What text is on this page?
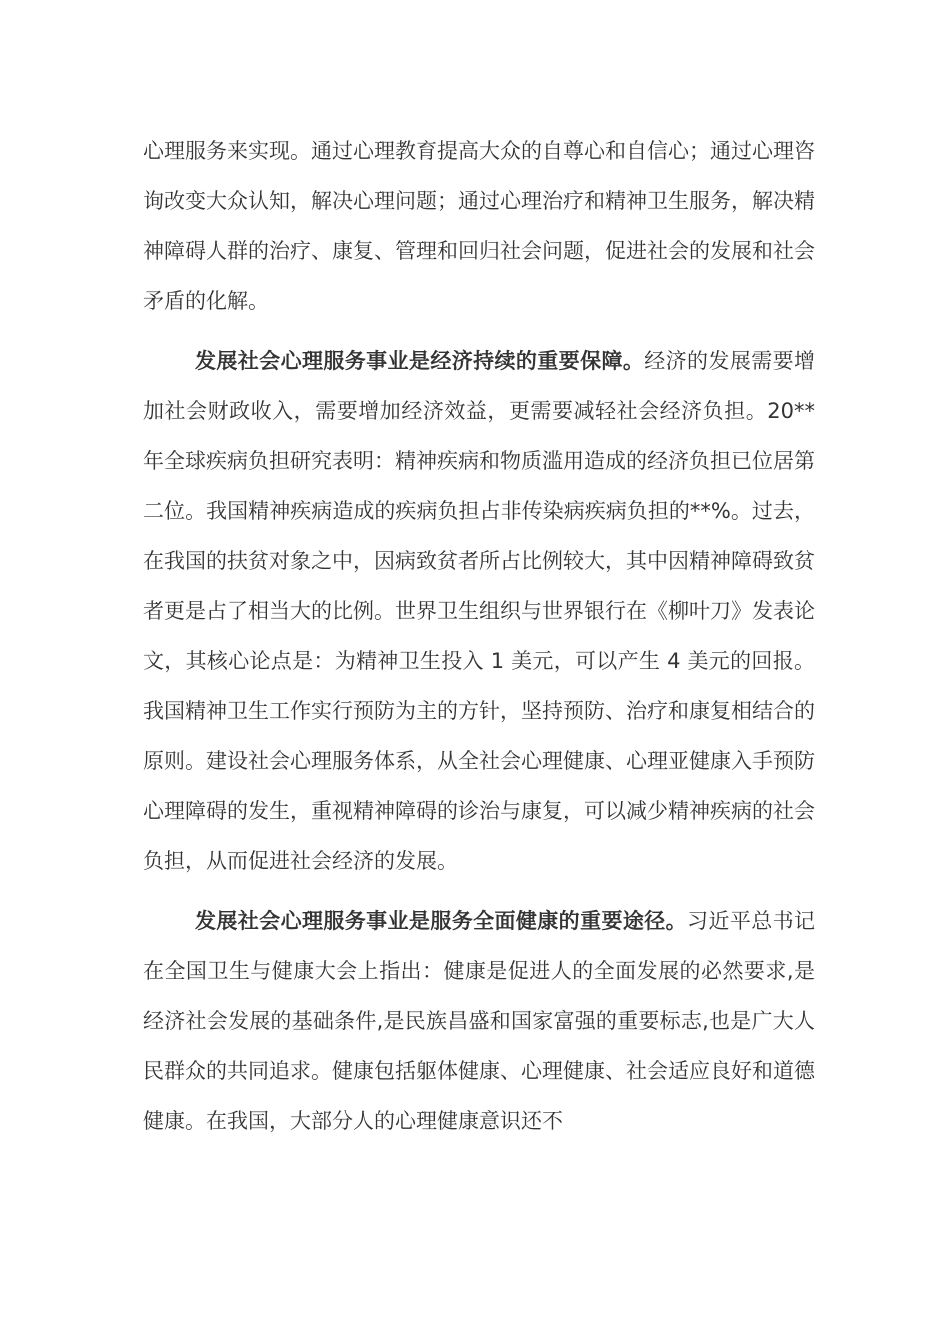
心理服务来实现。通过心理教育提高大众的自尊心和自信心；通过心理咨询改变大众认知，解决心理问题；通过心理治疗和精神卫生服务，解决精神障碍人群的治疗、康复、管理和回归社会问题，促进社会的发展和社会矛盾的化解。

发展社会心理服务事业是经济持续的重要保障。经济的发展需要增加社会财政收入，需要增加经济效益，更需要减轻社会经济负担。20**年全球疾病负担研究表明：精神疾病和物质滥用造成的经济负担已位居第二位。我国精神疾病造成的疾病负担占非传染病疾病负担的**%。过去，在我国的扶贫对象之中，因病致贫者所占比例较大，其中因精神障碍致贫者更是占了相当大的比例。世界卫生组织与世界银行在《柳叶刀》发表论文，其核心论点是：为精神卫生投入 1 美元，可以产生 4 美元的回报。我国精神卫生工作实行预防为主的方针，坚持预防、治疗和康复相结合的原则。建设社会心理服务体系，从全社会心理健康、心理亚健康入手预防心理障碍的发生，重视精神障碍的诊治与康复，可以减少精神疾病的社会负担，从而促进社会经济的发展。

发展社会心理服务事业是服务全面健康的重要途径。习近平总书记在全国卫生与健康大会上指出：健康是促进人的全面发展的必然要求,是经济社会发展的基础条件,是民族昌盛和国家富强的重要标志,也是广大人民群众的共同追求。健康包括躯体健康、心理健康、社会适应良好和道德健康。在我国，大部分人的心理健康意识还不
